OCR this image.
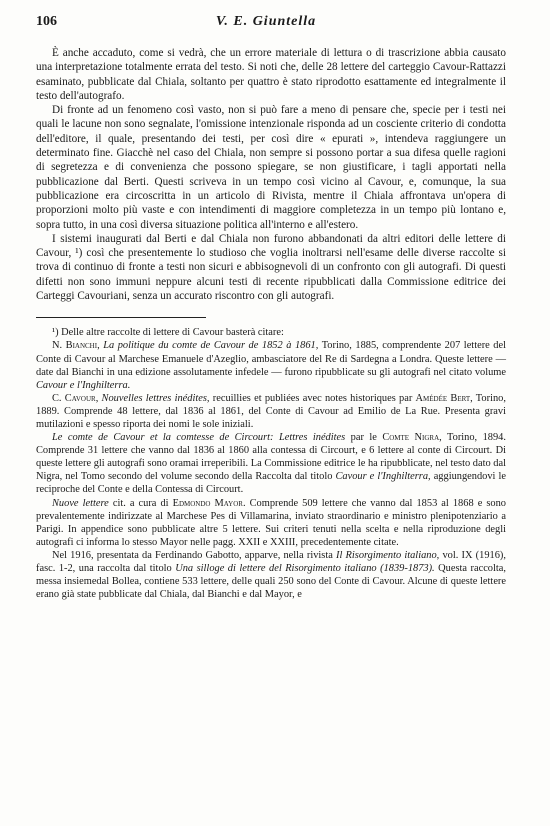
106	V. E. Giuntella

È anche accaduto, come si vedrà, che un errore materiale di lettura o di trascrizione abbia causato una interpretazione totalmente errata del testo. Si noti che, delle 28 lettere del carteggio Cavour-Rattazzi esaminato, pubblicate dal Chiala, soltanto per quattro è stato riprodotto esattamente ed integralmente il testo dell'autografo.

Di fronte ad un fenomeno così vasto, non si può fare a meno di pensare che, specie per i testi nei quali le lacune non sono segnalate, l'omissione intenzionale risponda ad un cosciente criterio di condotta dell'editore, il quale, presentando dei testi, per così dire « epurati », intendeva raggiungere un determinato fine. Giacchè nel caso del Chiala, non sempre si possono portar a sua difesa quelle ragioni di segretezza e di convenienza che possono spiegare, se non giustificare, i tagli apportati nella pubblicazione dal Berti. Questi scriveva in un tempo così vicino al Cavour, e, comunque, la sua pubblicazione era circoscritta in un articolo di Rivista, mentre il Chiala affrontava un'opera di proporzioni molto più vaste e con intendimenti di maggiore completezza in un tempo più lontano e, sopra tutto, in una così diversa situazione politica all'interno e all'estero.

I sistemi inaugurati dal Berti e dal Chiala non furono abbandonati da altri editori delle lettere di Cavour, ¹) così che presentemente lo studioso che voglia inoltrarsi nell'esame delle diverse raccolte si trova di continuo di fronte a testi non sicuri e abbisognevoli di un confronto con gli autografi. Di questi difetti non sono immuni neppure alcuni testi di recente ripubblicati dalla Commissione editrice dei Carteggi Cavouriani, senza un accurato riscontro con gli autografi.

¹) Delle altre raccolte di lettere di Cavour basterà citare:

N. Bianchi, La politique du comte de Cavour de 1852 à 1861, Torino, 1885, comprendente 207 lettere del Conte di Cavour al Marchese Emanuele d'Azeglio, ambasciatore del Re di Sardegna a Londra. Queste lettere — date dal Bianchi in una edizione assolutamente infedele — furono ripubblicate su gli autografi nel citato volume Cavour e l'Inghilterra.

C. Cavour, Nouvelles lettres inédites, recuillies et publiées avec notes historiques par Amédée Bert, Torino, 1889. Comprende 48 lettere, dal 1836 al 1861, del Conte di Cavour ad Emilio de La Rue. Presenta gravi mutilazioni e spesso riporta dei nomi le sole iniziali.

Le comte de Cavour et la comtesse de Circourt: Lettres inédites par le Comte Nigra, Torino, 1894. Comprende 31 lettere che vanno dal 1836 al 1860 alla contessa di Circourt, e 6 lettere al conte di Circourt. Di queste lettere gli autografi sono oramai irreperibili. La Commissione editrice le ha ripubblicate, nel testo dato dal Nigra, nel Tomo secondo del volume secondo della Raccolta dal titolo Cavour e l'Inghilterra, aggiungendovi le reciproche del Conte e della Contessa di Circourt.

Nuove lettere cit. a cura di Edmondo Mayor. Comprende 509 lettere che vanno dal 1853 al 1868 e sono prevalentemente indirizzate al Marchese Pes di Villamarina, inviato straordinario e ministro plenipotenziario a Parigi. In appendice sono pubblicate altre 5 lettere. Sui criteri tenuti nella scelta e nella riproduzione degli autografi ci informa lo stesso Mayor nelle pagg. XXII e XXIII, precedentemente citate.

Nel 1916, presentata da Ferdinando Gabotto, apparve, nella rivista Il Risorgimento italiano, vol. IX (1916), fasc. 1-2, una raccolta dal titolo Una silloge di lettere del Risorgimento italiano (1839-1873). Questa raccolta, messa insiemedal Bollea, contiene 533 lettere, delle quali 250 sono del Conte di Cavour. Alcune di queste lettere erano già state pubblicate dal Chiala, dal Bianchi e dal Mayor, e
